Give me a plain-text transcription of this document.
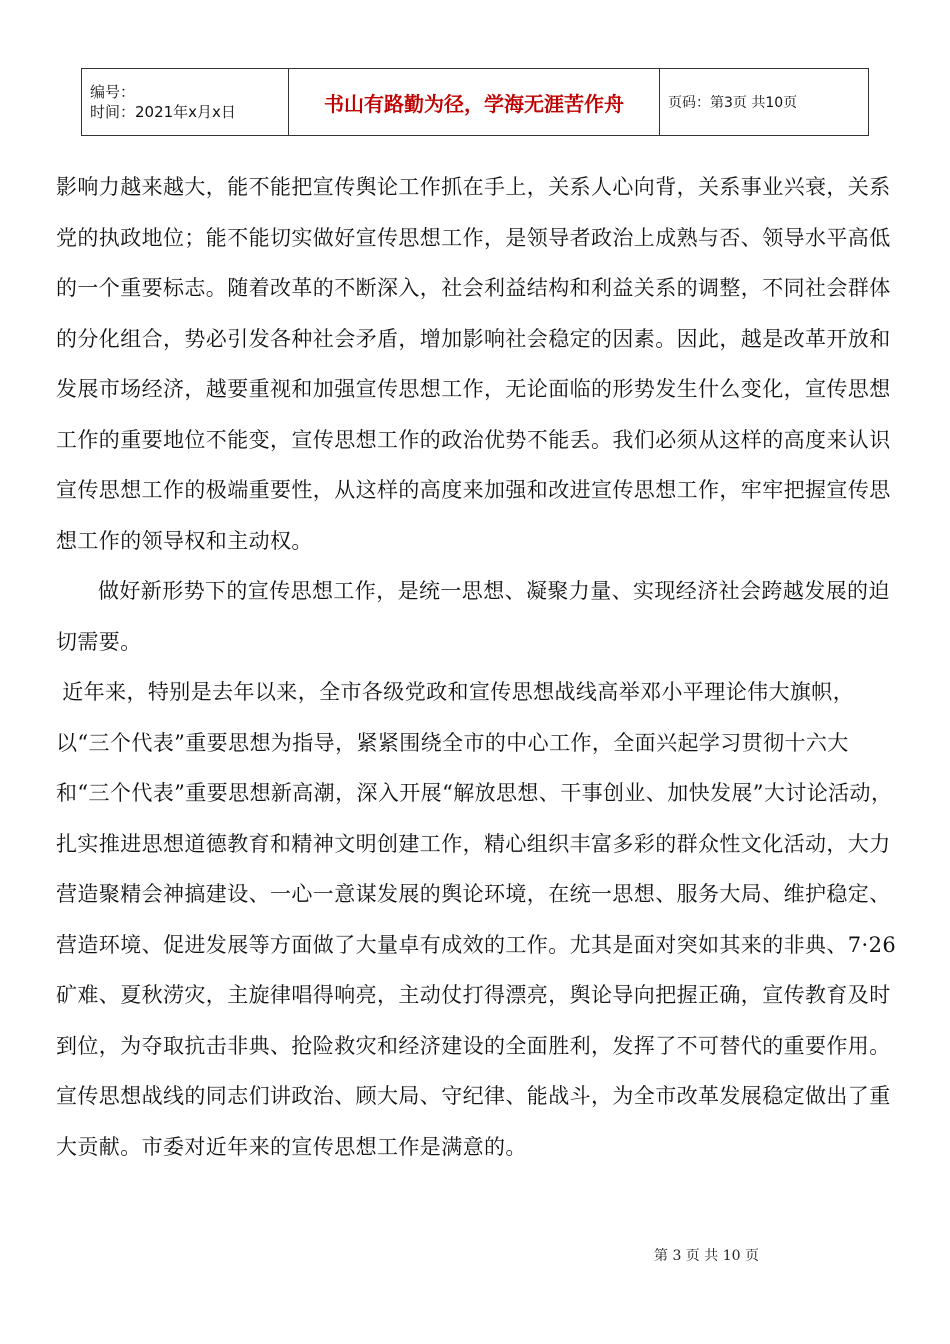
编号：
时间：2021年x月x日	书山有路勤为径，学海无涯苦作舟	页码：第3页 共10页

影响力越来越大，能不能把宣传舆论工作抓在手上，关系人心向背，关系事业兴衰，关系党的执政地位；能不能切实做好宣传思想工作，是领导者政治上成熟与否、领导水平高低的一个重要标志。随着改革的不断深入，社会利益结构和利益关系的调整，不同社会群体的分化组合，势必引发各种社会矛盾，增加影响社会稳定的因素。因此，越是改革开放和发展市场经济，越要重视和加强宣传思想工作，无论面临的形势发生什么变化，宣传思想工作的重要地位不能变，宣传思想工作的政治优势不能丢。我们必须从这样的高度来认识宣传思想工作的极端重要性，从这样的高度来加强和改进宣传思想工作，牢牢把握宣传思想工作的领导权和主动权。

做好新形势下的宣传思想工作，是统一思想、凝聚力量、实现经济社会跨越发展的迫切需要。

近年来，特别是去年以来，全市各级党政和宣传思想战线高举邓小平理论伟大旗帜，以“三个代表”重要思想为指导，紧紧围绕全市的中心工作，全面兴起学习贯彻十六大和“三个代表”重要思想新高潮，深入开展“解放思想、干事创业、加快发展”大讨论活动，扎实推进思想道德教育和精神文明创建工作，精心组织丰富多彩的群众性文化活动，大力营造聚精会神搞建设、一心一意谋发展的舆论环境，在统一思想、服务大局、维护稳定、营造环境、促进发展等方面做了大量卓有成效的工作。尤其是面对突如其来的非典、7·26矿难、夏秋涝灾，主旋律唱得响亮，主动仗打得漂亮，舆论导向把握正确，宣传教育及时到位，为夺取抗击非典、抢险救灾和经济建设的全面胜利，发挥了不可替代的重要作用。宣传思想战线的同志们讲政治、顾大局、守纪律、能战斗，为全市改革发展稳定做出了重大贡献。市委对近年来的宣传思想工作是满意的。

第 3 页 共 10 页
